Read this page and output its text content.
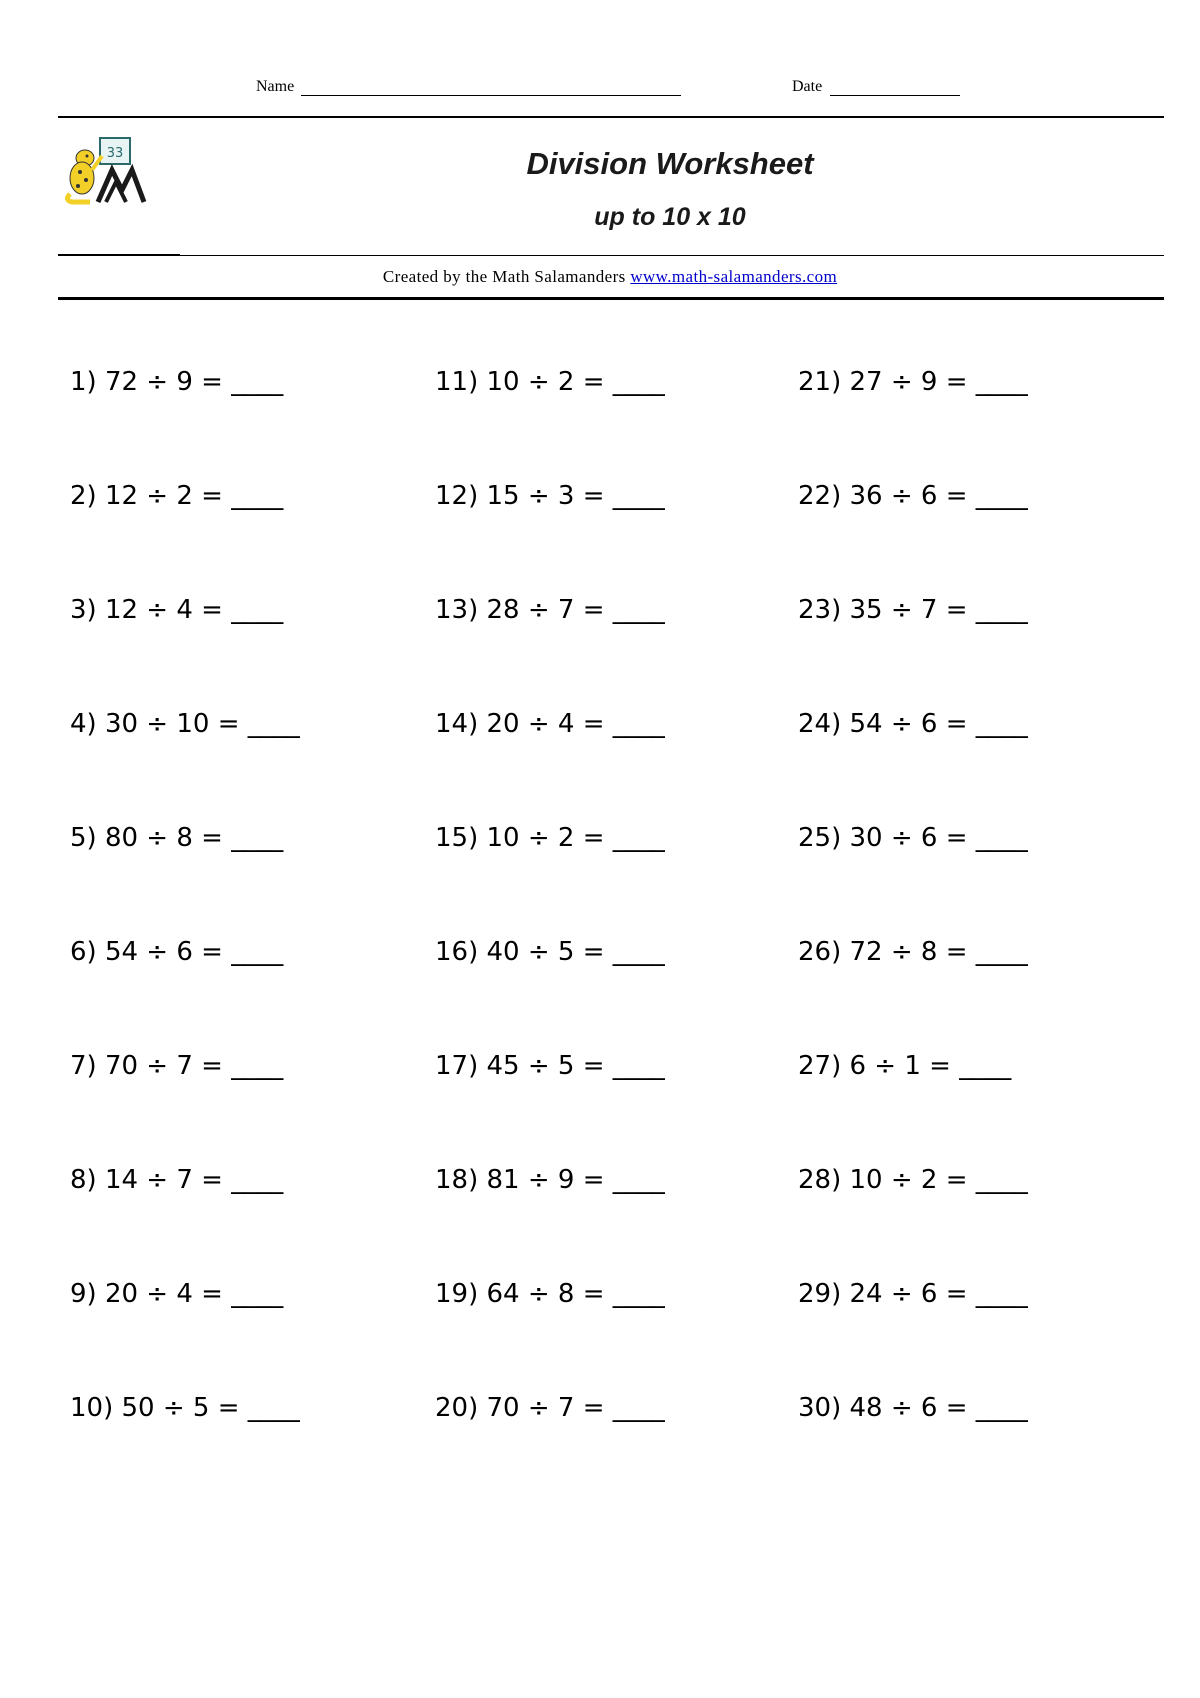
Name	Date
33	Division Worksheet
up to 10 x 10
Created by the Math Salamanders www.math-salamanders.com
1) 72 ÷ 9 = ____
2) 12 ÷ 2 = ____
3) 12 ÷ 4 = ____
4) 30 ÷ 10 = ____
5) 80 ÷ 8 = ____
6) 54 ÷ 6 = ____
7) 70 ÷ 7 = ____
8) 14 ÷ 7 = ____
9) 20 ÷ 4 = ____
10) 50 ÷ 5 = ____
11) 10 ÷ 2 = ____
12) 15 ÷ 3 = ____
13) 28 ÷ 7 = ____
14) 20 ÷ 4 = ____
15) 10 ÷ 2 = ____
16) 40 ÷ 5 = ____
17) 45 ÷ 5 = ____
18) 81 ÷ 9 = ____
19) 64 ÷ 8 = ____
20) 70 ÷ 7 = ____
21) 27 ÷ 9 = ____
22) 36 ÷ 6 = ____
23) 35 ÷ 7 = ____
24) 54 ÷ 6 = ____
25) 30 ÷ 6 = ____
26) 72 ÷ 8 = ____
27) 6 ÷ 1 = ____
28) 10 ÷ 2 = ____
29) 24 ÷ 6 = ____
30) 48 ÷ 6 = ____
